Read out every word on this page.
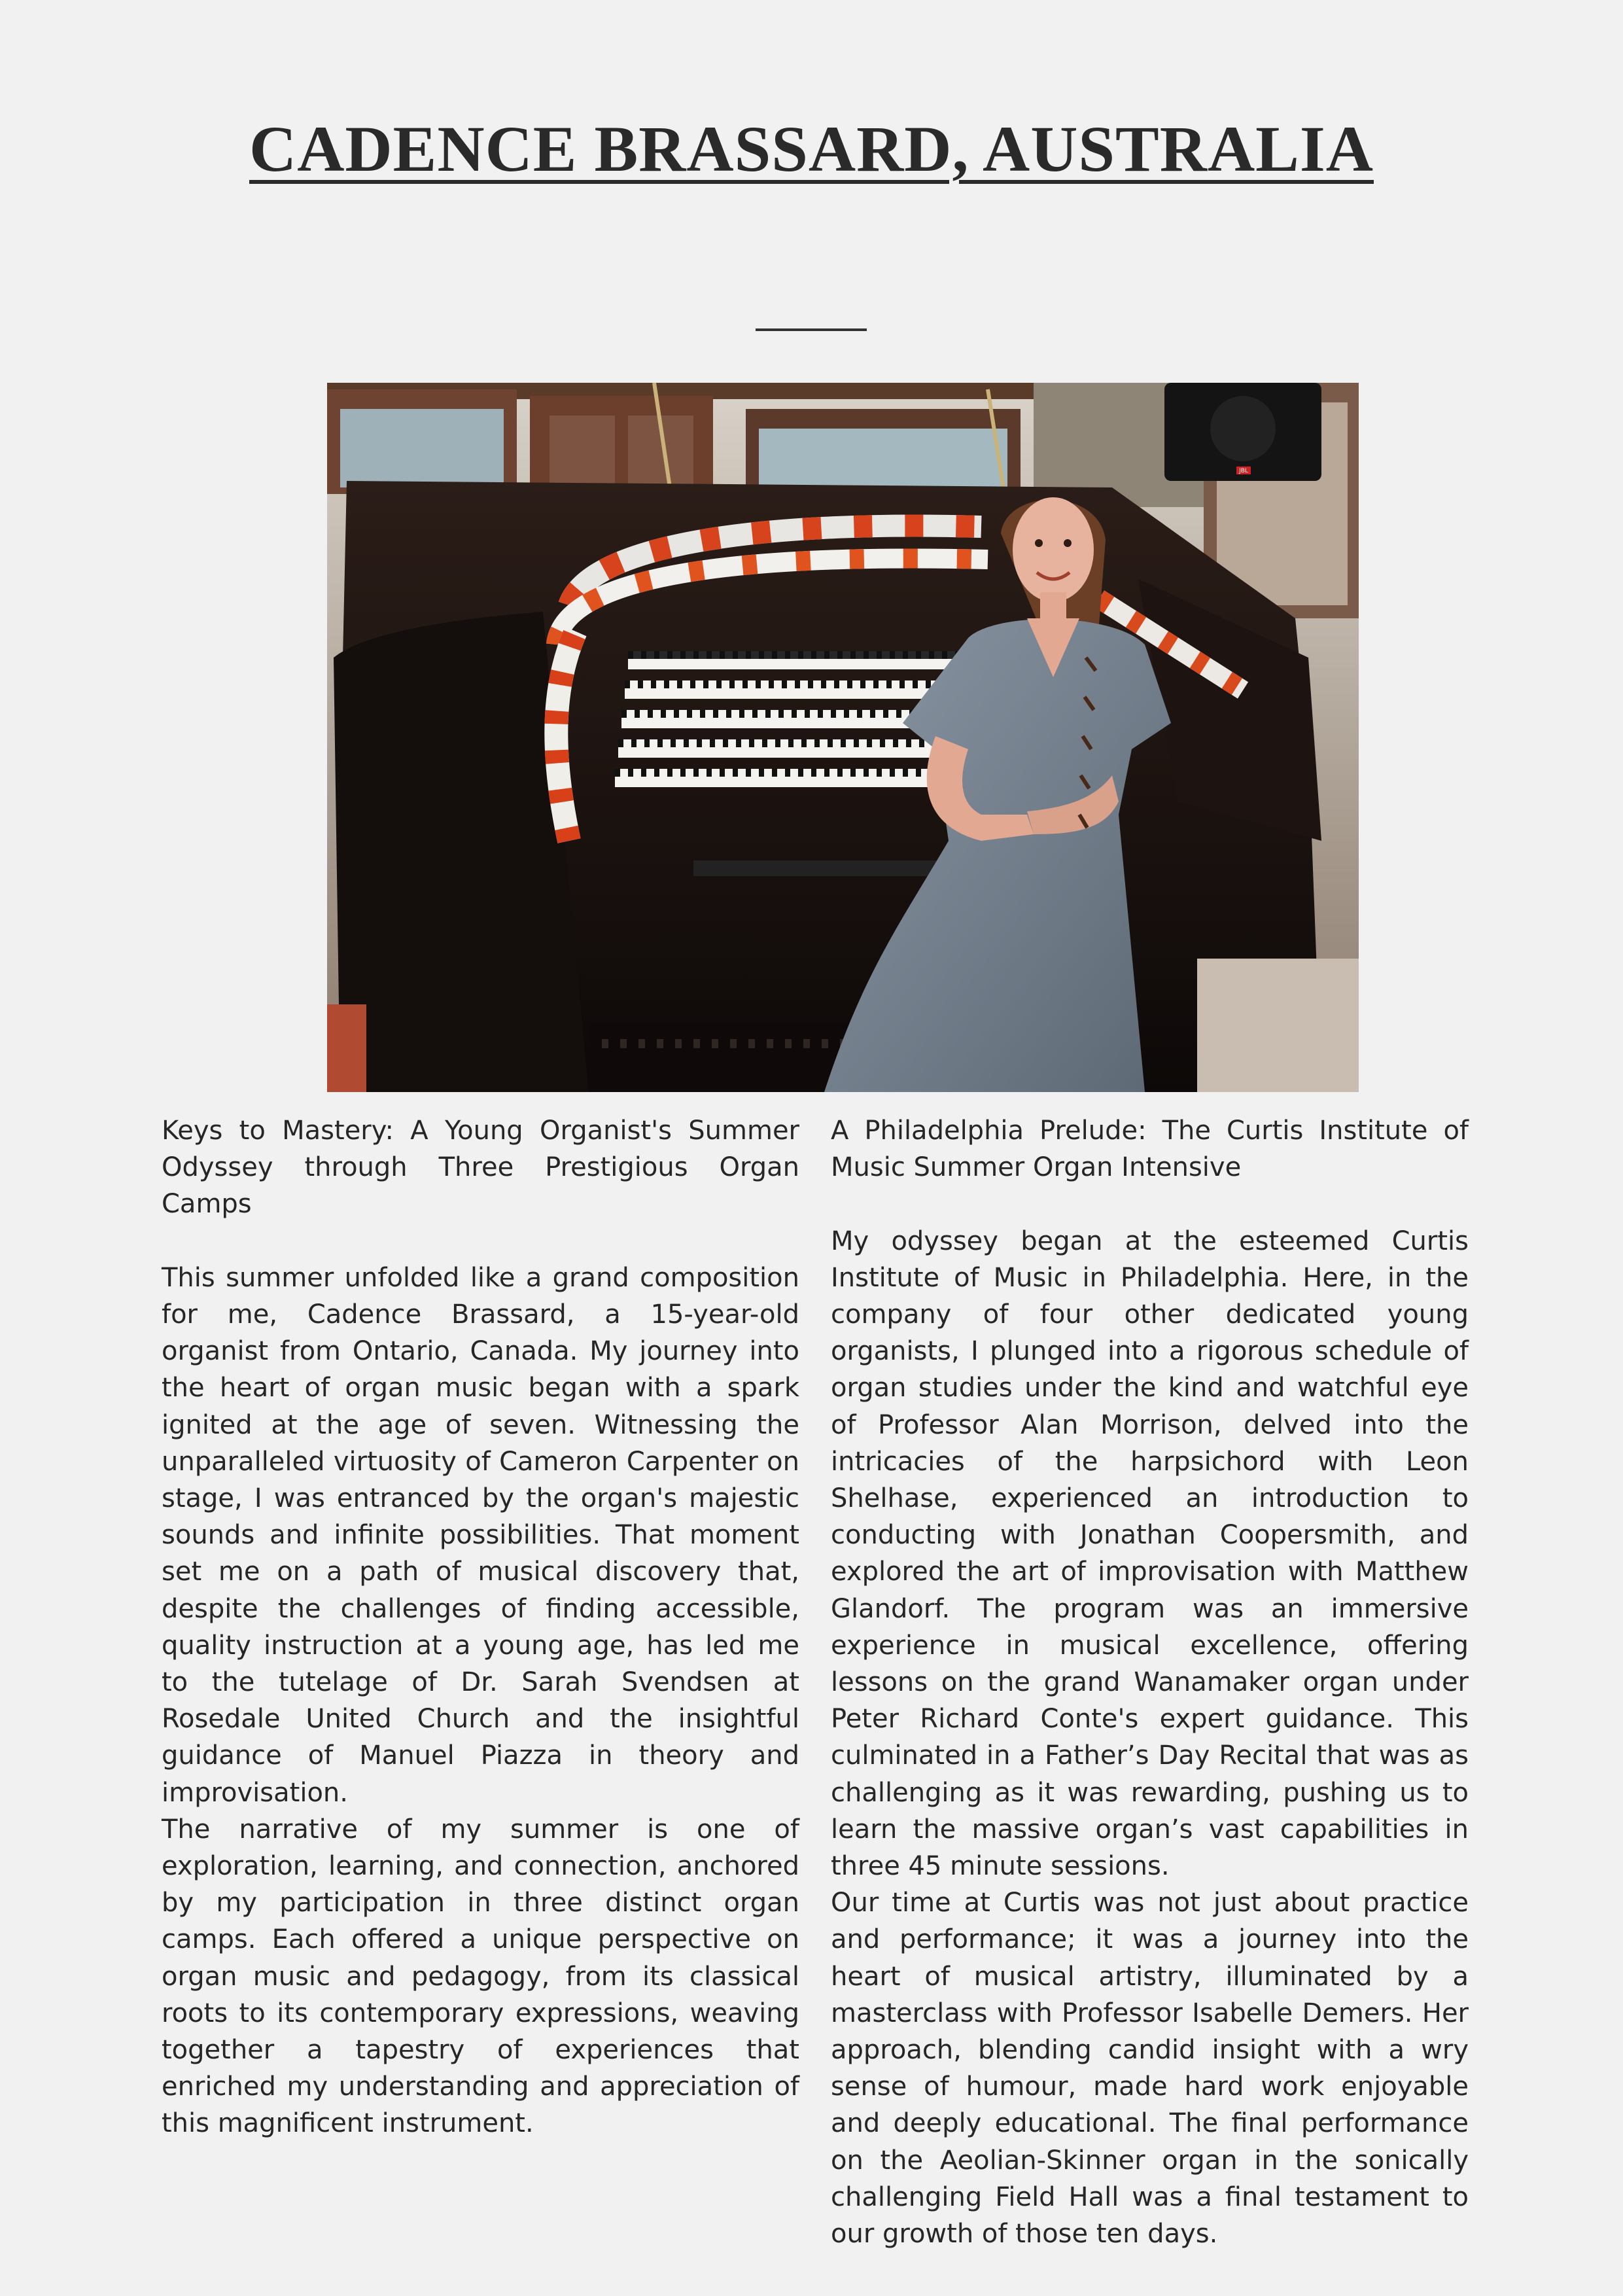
CADENCE BRASSARD, AUSTRALIA
JBL

Keys to Mastery: A Young Organist's Summer Odyssey through Three Prestigious Organ Camps

This summer unfolded like a grand composition for me, Cadence Brassard, a 15-year-old organist from Ontario, Canada. My journey into the heart of organ music began with a spark ignited at the age of seven. Witnessing the unparalleled virtuosity of Cameron Carpenter on stage, I was entranced by the organ's majestic sounds and infinite possibilities. That moment set me on a path of musical discovery that, despite the challenges of finding accessible, quality instruction at a young age, has led me to the tutelage of Dr. Sarah Svendsen at Rosedale United Church and the insightful guidance of Manuel Piazza in theory and improvisation.

The narrative of my summer is one of exploration, learning, and connection, anchored by my participation in three distinct organ camps. Each offered a unique perspective on organ music and pedagogy, from its classical roots to its contemporary expressions, weaving together a tapestry of experiences that enriched my understanding and appreciation of this magnificent instrument.

A Philadelphia Prelude: The Curtis Institute of Music Summer Organ Intensive

My odyssey began at the esteemed Curtis Institute of Music in Philadelphia. Here, in the company of four other dedicated young organists, I plunged into a rigorous schedule of organ studies under the kind and watchful eye of Professor Alan Morrison, delved into the intricacies of the harpsichord with Leon Shelhase, experienced an introduction to conducting with Jonathan Coopersmith, and explored the art of improvisation with Matthew Glandorf. The program was an immersive experience in musical excellence, offering lessons on the grand Wanamaker organ under Peter Richard Conte's expert guidance. This culminated in a Father’s Day Recital that was as challenging as it was rewarding, pushing us to learn the massive organ’s vast capabilities in three 45 minute sessions.

Our time at Curtis was not just about practice and performance; it was a journey into the heart of musical artistry, illuminated by a masterclass with Professor Isabelle Demers. Her approach, blending candid insight with a wry sense of humour, made hard work enjoyable and deeply educational. The final performance on the Aeolian-Skinner organ in the sonically challenging Field Hall was a final testament to our growth of those ten days.
